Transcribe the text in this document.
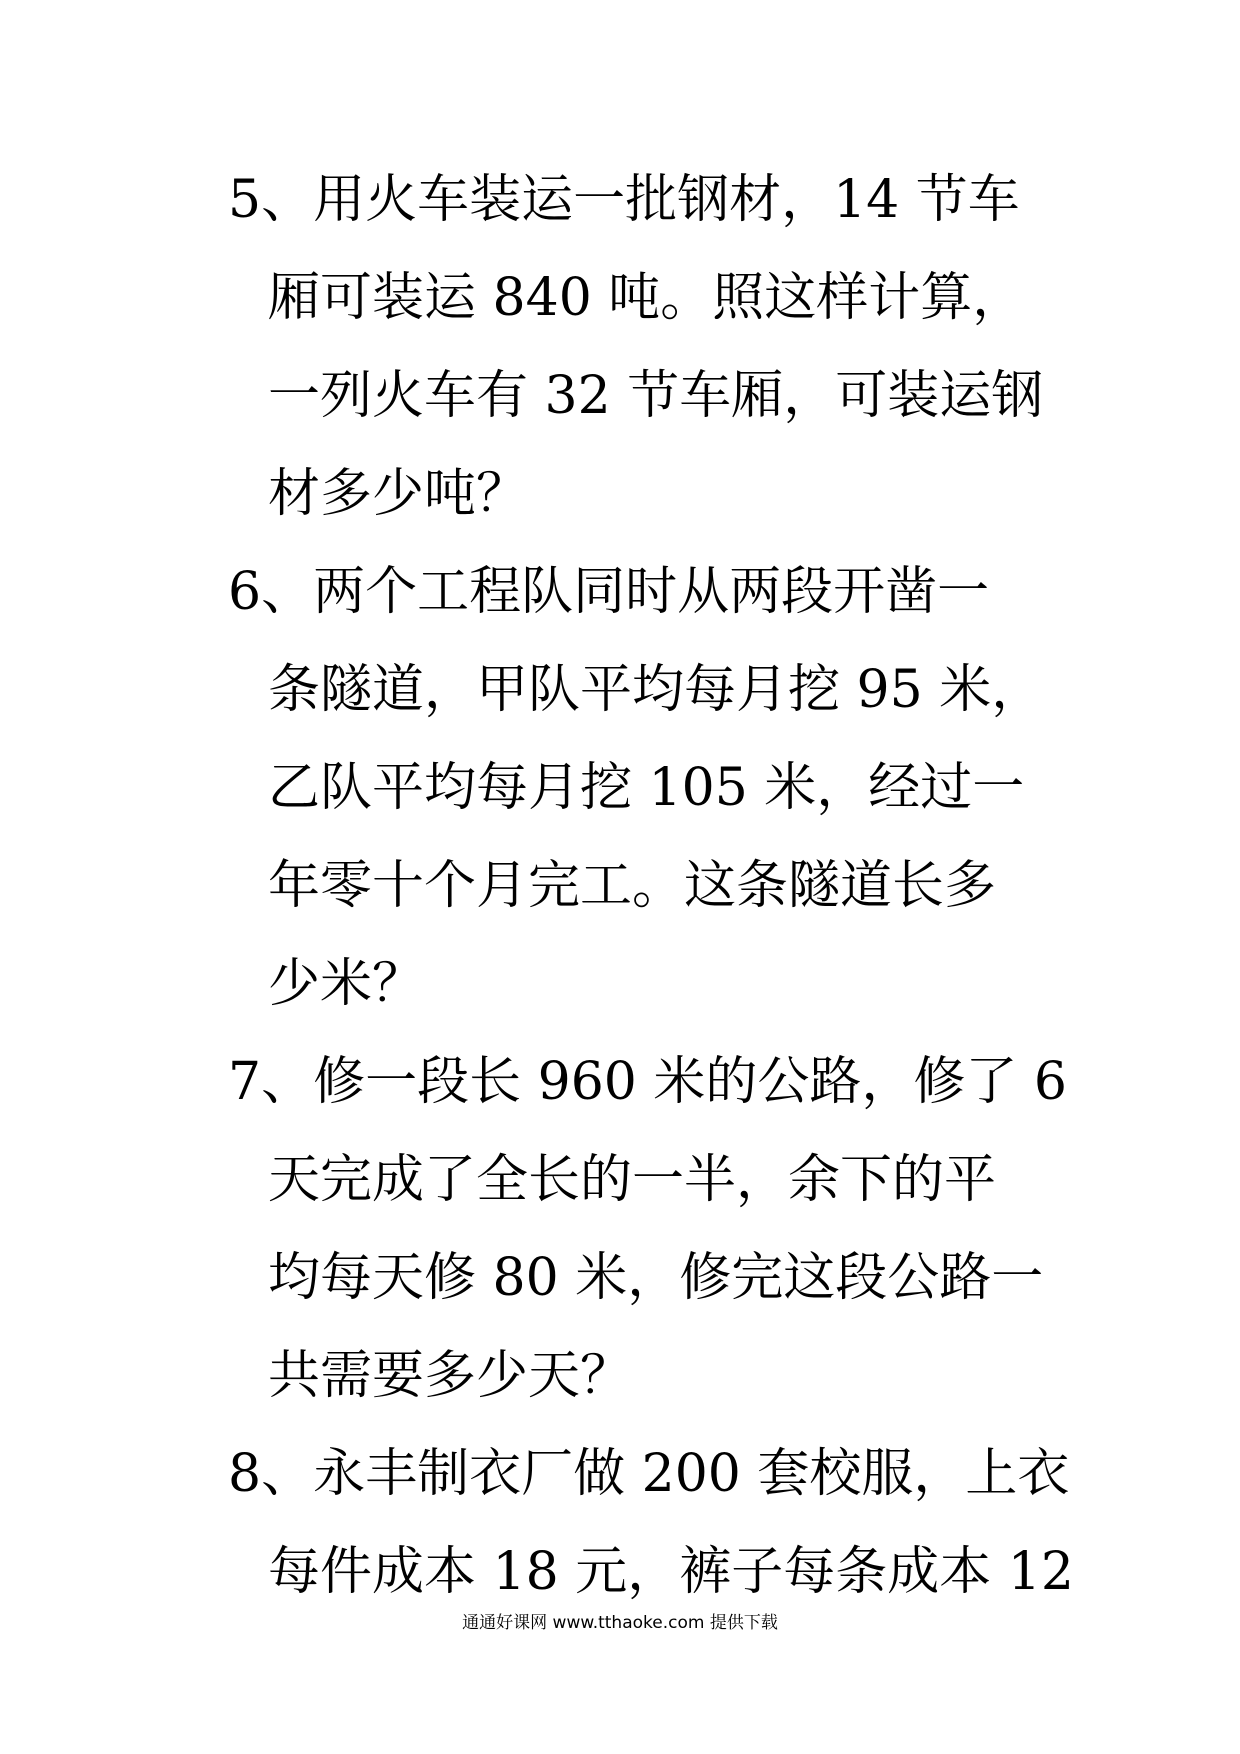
5、用火车装运一批钢材，14 节车
厢可装运 840 吨。照这样计算，
一列火车有 32 节车厢，可装运钢
材多少吨？
6、两个工程队同时从两段开凿一
条隧道，甲队平均每月挖 95 米，
乙队平均每月挖 105 米，经过一
年零十个月完工。这条隧道长多
少米？
7、修一段长 960 米的公路，修了 6
天完成了全长的一半，余下的平
均每天修 80 米，修完这段公路一
共需要多少天？
8、永丰制衣厂做 200 套校服，上衣
每件成本 18 元，裤子每条成本 12
通通好课网 www.tthaoke.com 提供下载
